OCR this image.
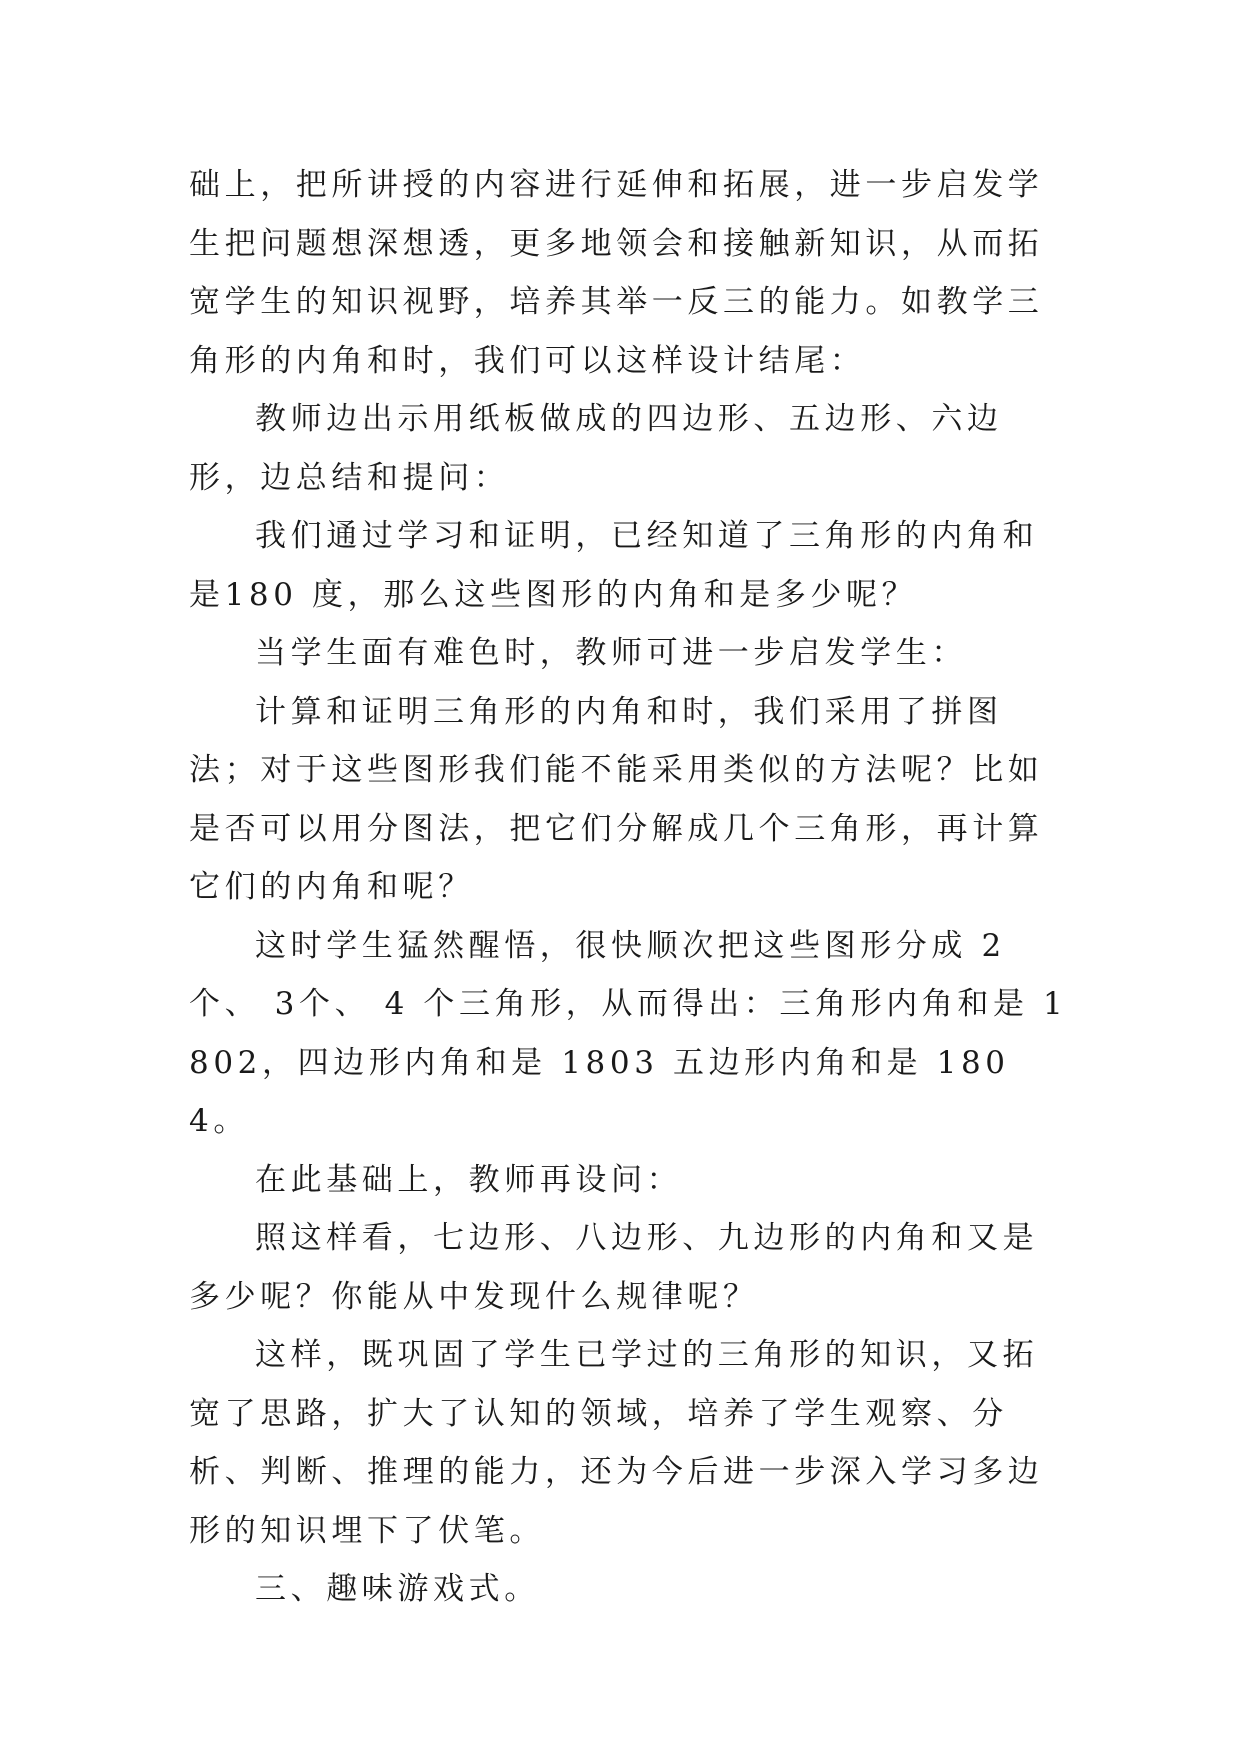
础上，把所讲授的内容进行延伸和拓展，进一步启发学生把问题想深想透，更多地领会和接触新知识，从而拓宽学生的知识视野，培养其举一反三的能力。如教学三角形的内角和时，我们可以这样设计结尾：

教师边出示用纸板做成的四边形、五边形、六边形，边总结和提问：

我们通过学习和证明，已经知道了三角形的内角和是180 度，那么这些图形的内角和是多少呢？

当学生面有难色时，教师可进一步启发学生：

计算和证明三角形的内角和时，我们采用了拼图法；对于这些图形我们能不能采用类似的方法呢？比如是否可以用分图法，把它们分解成几个三角形，再计算它们的内角和呢？

这时学生猛然醒悟，很快顺次把这些图形分成 2 个、 3个、 4 个三角形，从而得出：三角形内角和是 1802，四边形内角和是 1803 五边形内角和是 1804。

在此基础上，教师再设问：

照这样看，七边形、八边形、九边形的内角和又是多少呢？你能从中发现什么规律呢？

这样，既巩固了学生已学过的三角形的知识，又拓宽了思路，扩大了认知的领域，培养了学生观察、分析、判断、推理的能力，还为今后进一步深入学习多边形的知识埋下了伏笔。

三、趣味游戏式。
